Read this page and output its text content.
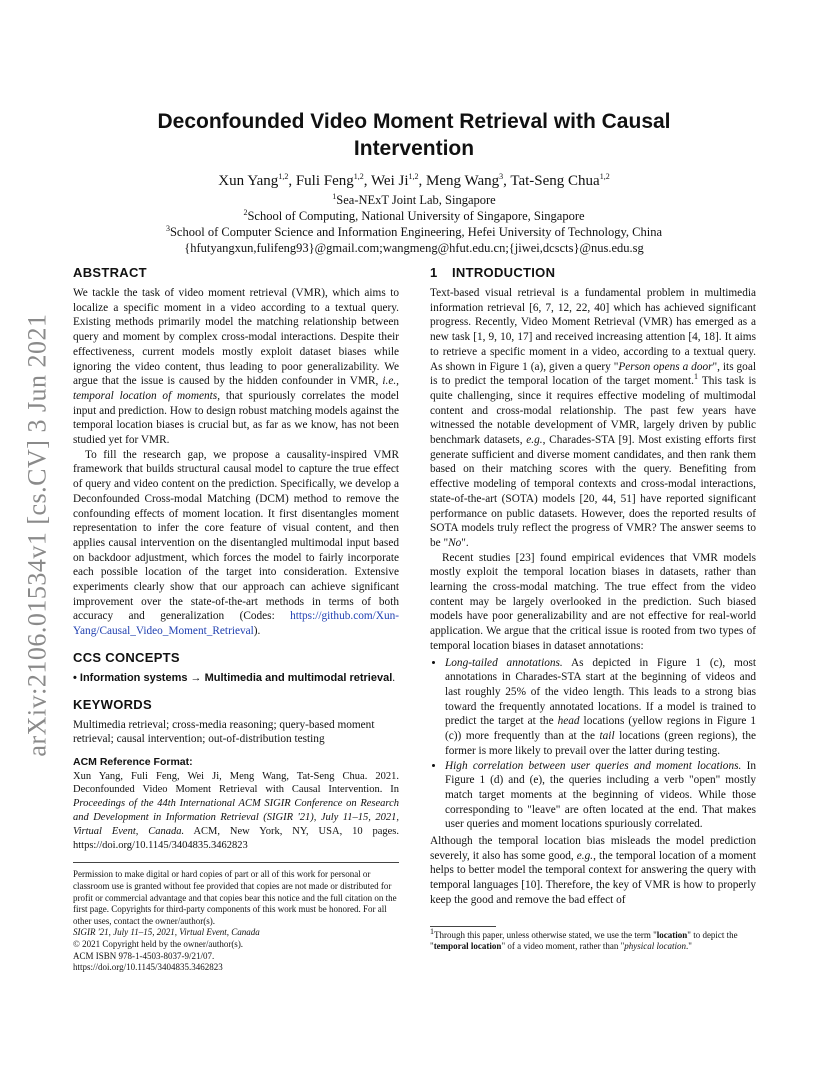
arXiv:2106.01534v1 [cs.CV] 3 Jun 2021
Deconfounded Video Moment Retrieval with Causal Intervention
Xun Yang$^{1,2}$, Fuli Feng$^{1,2}$, Wei Ji$^{1,2}$, Meng Wang$^3$, Tat-Seng Chua$^{1,2}$
$^1$Sea-NExT Joint Lab, Singapore
$^2$School of Computing, National University of Singapore, Singapore
$^3$School of Computer Science and Information Engineering, Hefei University of Technology, China
{hfutyangxun,fulifeng93}@gmail.com;wangmeng@hfut.edu.cn;{jiwei,dcscts}@nus.edu.sg
ABSTRACT

We tackle the task of video moment retrieval (VMR), which aims to localize a specific moment in a video according to a textual query. Existing methods primarily model the matching relationship between query and moment by complex cross-modal interactions. Despite their effectiveness, current models mostly exploit dataset biases while ignoring the video content, thus leading to poor generalizability. We argue that the issue is caused by the hidden confounder in VMR, i.e., temporal location of moments, that spuriously correlates the model input and prediction. How to design robust matching models against the temporal location biases is crucial but, as far as we know, has not been studied yet for VMR.

To fill the research gap, we propose a causality-inspired VMR framework that builds structural causal model to capture the true effect of query and video content on the prediction. Specifically, we develop a Deconfounded Cross-modal Matching (DCM) method to remove the confounding effects of moment location. It first disentangles moment representation to infer the core feature of visual content, and then applies causal intervention on the disentangled multimodal input based on backdoor adjustment, which forces the model to fairly incorporate each possible location of the target into consideration. Extensive experiments clearly show that our approach can achieve significant improvement over the state-of-the-art methods in terms of both accuracy and generalization (Codes: https://github.com/Xun-Yang/Causal_Video_Moment_Retrieval).

CCS CONCEPTS

• Information systems → Multimedia and multimodal retrieval.

KEYWORDS

Multimedia retrieval; cross-media reasoning; query-based moment retrieval; causal intervention; out-of-distribution testing

ACM Reference Format:

Xun Yang, Fuli Feng, Wei Ji, Meng Wang, Tat-Seng Chua. 2021. Deconfounded Video Moment Retrieval with Causal Intervention. In Proceedings of the 44th International ACM SIGIR Conference on Research and Development in Information Retrieval (SIGIR '21), July 11–15, 2021, Virtual Event, Canada. ACM, New York, NY, USA, 10 pages. https://doi.org/10.1145/3404835.3462823

Permission to make digital or hard copies of part or all of this work for personal or classroom use is granted without fee provided that copies are not made or distributed for profit or commercial advantage and that copies bear this notice and the full citation on the first page. Copyrights for third-party components of this work must be honored. For all other uses, contact the owner/author(s).
SIGIR '21, July 11–15, 2021, Virtual Event, Canada
© 2021 Copyright held by the owner/author(s).
ACM ISBN 978-1-4503-8037-9/21/07.
https://doi.org/10.1145/3404835.3462823
1 INTRODUCTION

Text-based visual retrieval is a fundamental problem in multimedia information retrieval [6, 7, 12, 22, 40] which has achieved significant progress. Recently, Video Moment Retrieval (VMR) has emerged as a new task [1, 9, 10, 17] and received increasing attention [4, 18]. It aims to retrieve a specific moment in a video, according to a textual query. As shown in Figure 1 (a), given a query "Person opens a door", its goal is to predict the temporal location of the target moment.$^1$ This task is quite challenging, since it requires effective modeling of multimodal content and cross-modal relationship. The past few years have witnessed the notable development of VMR, largely driven by public benchmark datasets, e.g., Charades-STA [9]. Most existing efforts first generate sufficient and diverse moment candidates, and then rank them based on their matching scores with the query. Benefiting from effective modeling of temporal contexts and cross-modal interactions, state-of-the-art (SOTA) models [20, 44, 51] have reported significant performance on public datasets. However, does the reported results of SOTA models truly reflect the progress of VMR? The answer seems to be "No".

Recent studies [23] found empirical evidences that VMR models mostly exploit the temporal location biases in datasets, rather than learning the cross-modal matching. The true effect from the video content may be largely overlooked in the prediction. Such biased models have poor generalizability and are not effective for real-world application. We argue that the critical issue is rooted from two types of temporal location biases in dataset annotations:

• Long-tailed annotations. As depicted in Figure 1 (c), most annotations in Charades-STA start at the beginning of videos and last roughly 25% of the video length. This leads to a strong bias toward the frequently annotated locations. If a model is trained to predict the target at the head locations (yellow regions in Figure 1 (c)) more frequently than at the tail locations (green regions), the former is more likely to prevail over the latter during testing.
• High correlation between user queries and moment locations. In Figure 1 (d) and (e), the queries including a verb "open" mostly match target moments at the beginning of videos. While those corresponding to "leave" are often located at the end. That makes user queries and moment locations spuriously correlated.

Although the temporal location bias misleads the model prediction severely, it also has some good, e.g., the temporal location of a moment helps to better model the temporal context for answering the query with temporal languages [10]. Therefore, the key of VMR is how to properly keep the good and remove the bad effect of

$^1$Through this paper, unless otherwise stated, we use the term "location" to depict the "temporal location" of a video moment, rather than "physical location."
